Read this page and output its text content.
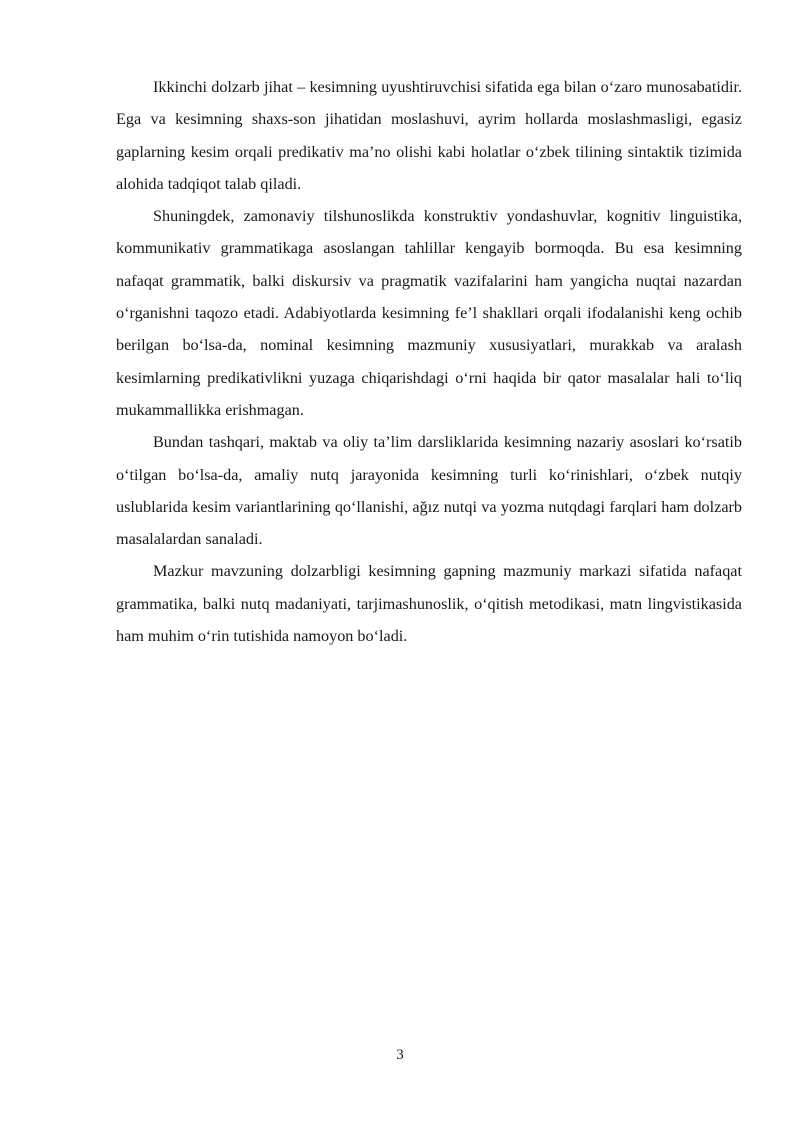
Ikkinchi dolzarb jihat – kesimning uyushtiruvchisi sifatida ega bilan o‘zaro munosabatidir. Ega va kesimning shaxs-son jihatidan moslashuvi, ayrim hollarda moslashmasligi, egasiz gaplarning kesim orqali predikativ ma’no olishi kabi holatlar o‘zbek tilining sintaktik tizimida alohida tadqiqot talab qiladi.

Shuningdek, zamonaviy tilshunoslikda konstruktiv yondashuvlar, kognitiv linguistika, kommunikativ grammatikaga asoslangan tahlillar kengayib bormoqda. Bu esa kesimning nafaqat grammatik, balki diskursiv va pragmatik vazifalarini ham yangicha nuqtai nazardan o‘rganishni taqozo etadi. Adabiyotlarda kesimning fe’l shakllari orqali ifodalanishi keng ochib berilgan bo‘lsa-da, nominal kesimning mazmuniy xususiyatlari, murakkab va aralash kesimlarning predikativlikni yuzaga chiqarishdagi o‘rni haqida bir qator masalalar hali to‘liq mukammallikka erishmagan.

Bundan tashqari, maktab va oliy ta’lim darsliklarida kesimning nazariy asoslari ko‘rsatib o‘tilgan bo‘lsa-da, amaliy nutq jarayonida kesimning turli ko‘rinishlari, o‘zbek nutqiy uslublarida kesim variantlarining qo‘llanishi, ağız nutqi va yozma nutqdagi farqlari ham dolzarb masalalardan sanaladi.

Mazkur mavzuning dolzarbligi kesimning gapning mazmuniy markazi sifatida nafaqat grammatika, balki nutq madaniyati, tarjimashunoslik, o‘qitish metodikasi, matn lingvistikasida ham muhim o‘rin tutishida namoyon bo‘ladi.

3
